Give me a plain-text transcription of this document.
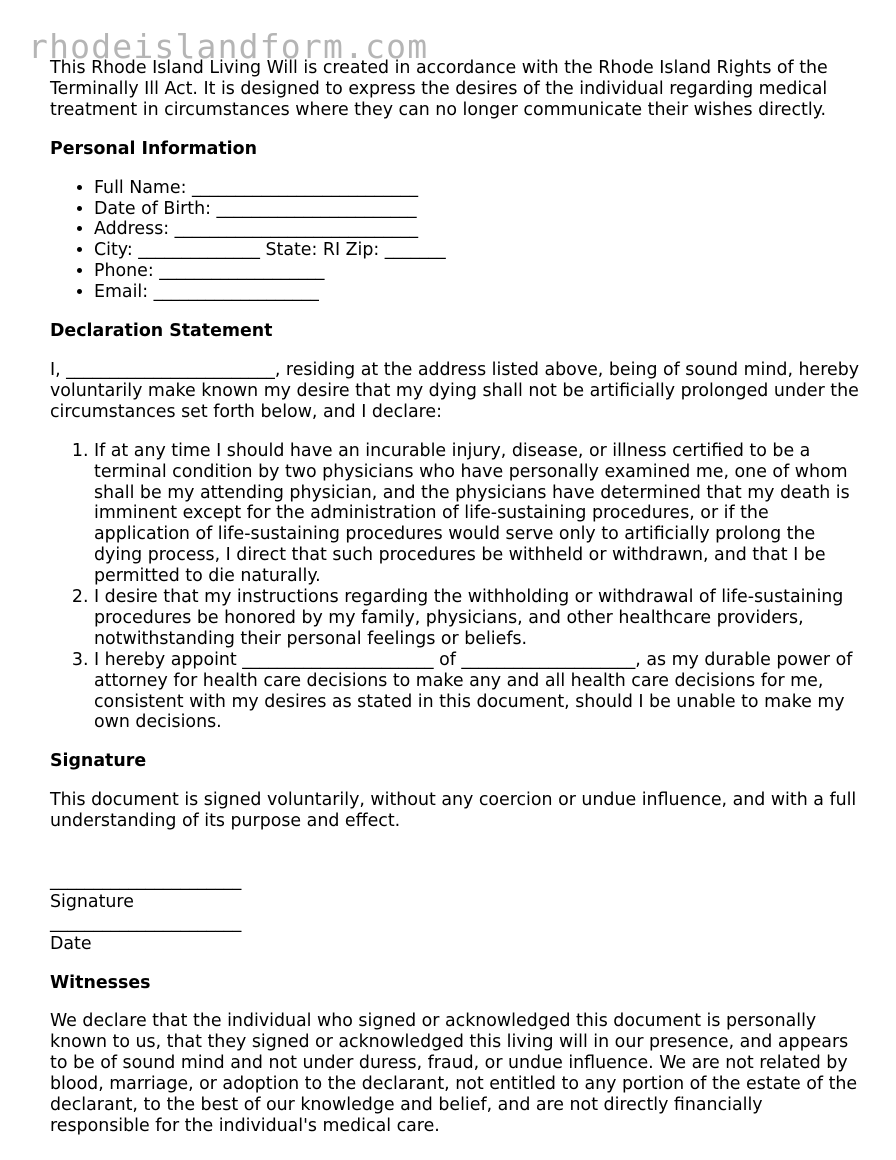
rhodeislandform.com

This Rhode Island Living Will is created in accordance with the Rhode Island Rights of the Terminally Ill Act. It is designed to express the desires of the individual regarding medical treatment in circumstances where they can no longer communicate their wishes directly.

Personal Information
• Full Name: __________________________
• Date of Birth: _______________________
• Address: ____________________________
• City: ______________ State: RI Zip: _______
• Phone: ___________________
• Email: ___________________
Declaration Statement

I, ________________________, residing at the address listed above, being of sound mind, hereby voluntarily make known my desire that my dying shall not be artificially prolonged under the circumstances set forth below, and I declare:

1. If at any time I should have an incurable injury, disease, or illness certified to be a terminal condition by two physicians who have personally examined me, one of whom shall be my attending physician, and the physicians have determined that my death is imminent except for the administration of life-sustaining procedures, or if the application of life-sustaining procedures would serve only to artificially prolong the dying process, I direct that such procedures be withheld or withdrawn, and that I be permitted to die naturally.
2. I desire that my instructions regarding the withholding or withdrawal of life-sustaining procedures be honored by my family, physicians, and other healthcare providers, notwithstanding their personal feelings or beliefs.
3. I hereby appoint ______________________ of ____________________, as my durable power of attorney for health care decisions to make any and all health care decisions for me, consistent with my desires as stated in this document, should I be unable to make my own decisions.
Signature

This document is signed voluntarily, without any coercion or undue influence, and with a full understanding of its purpose and effect.

______________________
Signature
______________________
Date
Witnesses

We declare that the individual who signed or acknowledged this document is personally known to us, that they signed or acknowledged this living will in our presence, and appears to be of sound mind and not under duress, fraud, or undue influence. We are not related by blood, marriage, or adoption to the declarant, not entitled to any portion of the estate of the declarant, to the best of our knowledge and belief, and are not directly financially responsible for the individual's medical care.
